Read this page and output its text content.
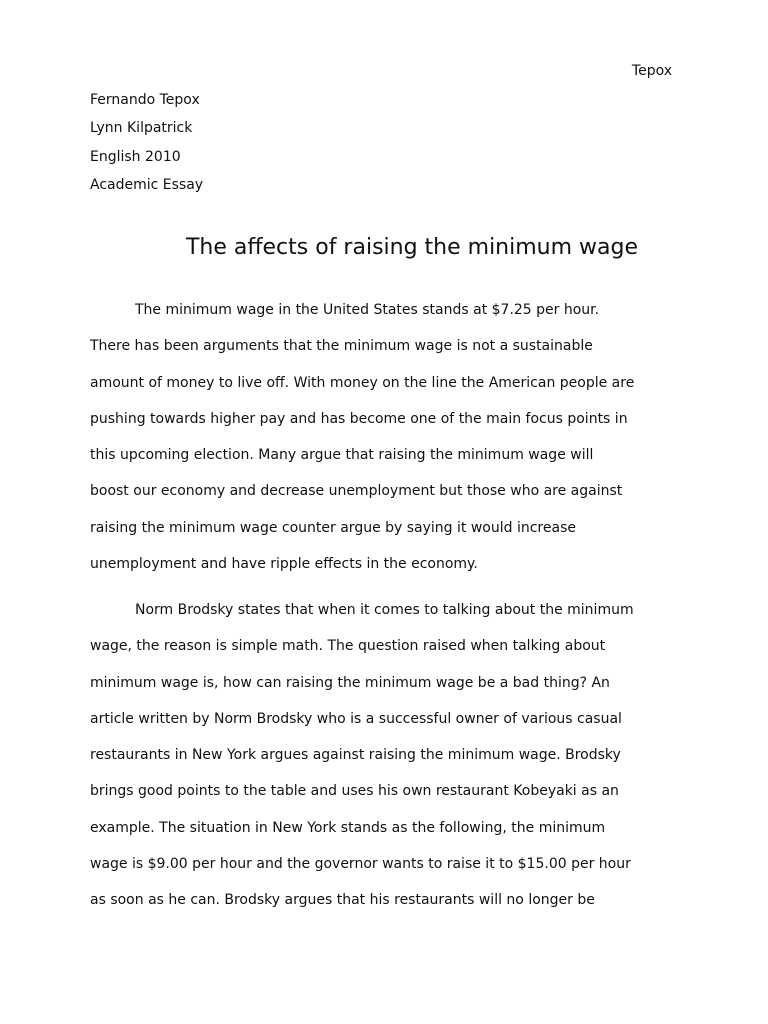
Tepox
Fernando Tepox
Lynn Kilpatrick
English 2010
Academic Essay
The affects of raising the minimum wage
The minimum wage in the United States stands at $7.25 per hour.
There has been arguments that the minimum wage is not a sustainable
amount of money to live off. With money on the line the American people are
pushing towards higher pay and has become one of the main focus points in
this upcoming election. Many argue that raising the minimum wage will
boost our economy and decrease unemployment but those who are against
raising the minimum wage counter argue by saying it would increase
unemployment and have ripple effects in the economy.
Norm Brodsky states that when it comes to talking about the minimum
wage, the reason is simple math. The question raised when talking about
minimum wage is, how can raising the minimum wage be a bad thing? An
article written by Norm Brodsky who is a successful owner of various casual
restaurants in New York argues against raising the minimum wage. Brodsky
brings good points to the table and uses his own restaurant Kobeyaki as an
example. The situation in New York stands as the following, the minimum
wage is $9.00 per hour and the governor wants to raise it to $15.00 per hour
as soon as he can. Brodsky argues that his restaurants will no longer be
